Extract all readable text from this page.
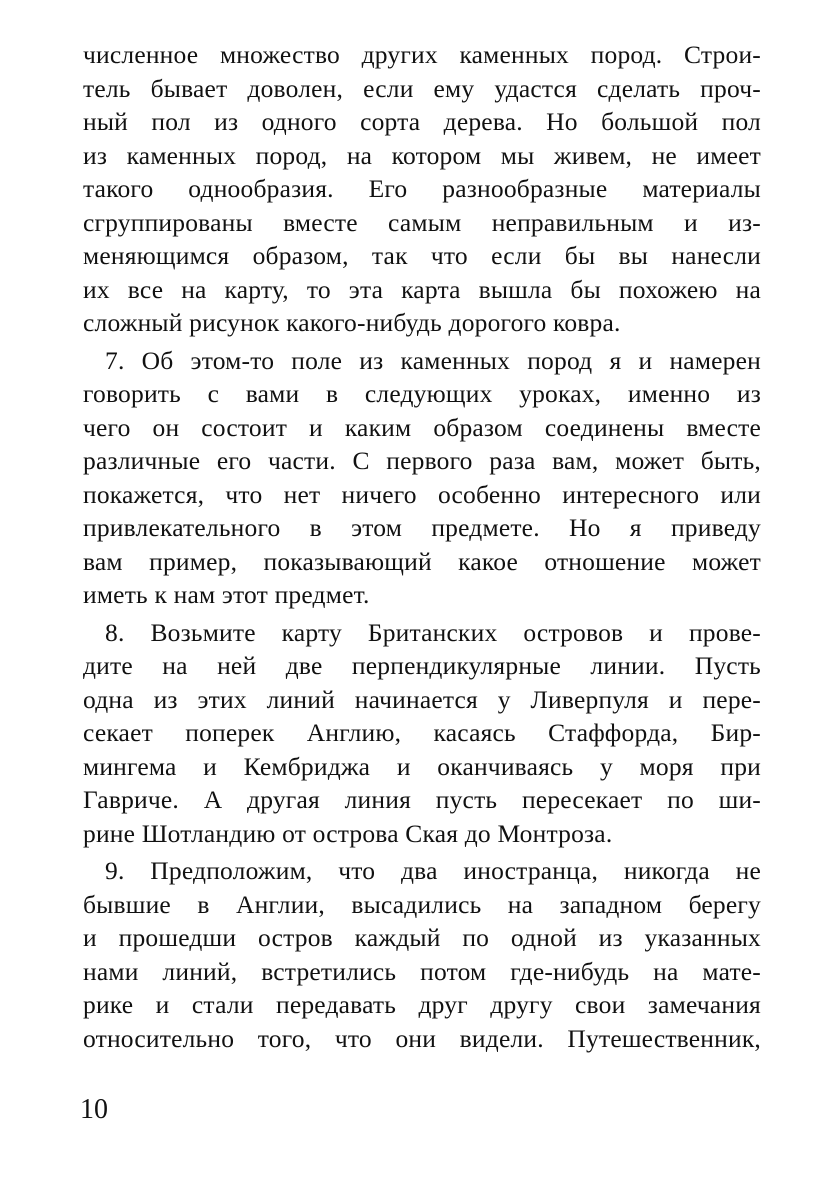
численное множество других каменных пород. Строи-
тель бывает доволен, если ему удастся сделать проч-
ный пол из одного сорта дерева. Но большой пол
из каменных пород, на котором мы живем, не имеет
такого однообразия. Его разнообразные материалы
сгруппированы вместе самым неправильным и из-
меняющимся образом, так что если бы вы нанесли
их все на карту, то эта карта вышла бы похожею на
сложный рисунок какого-нибудь дорогого ковра.
7. Об этом-то поле из каменных пород я и намерен
говорить с вами в следующих уроках, именно из
чего он состоит и каким образом соединены вместе
различные его части. С первого раза вам, может быть,
покажется, что нет ничего особенно интересного или
привлекательного в этом предмете. Но я приведу
вам пример, показывающий какое отношение может
иметь к нам этот предмет.
8. Возьмите карту Британских островов и прове-
дите на ней две перпендикулярные линии. Пусть
одна из этих линий начинается у Ливерпуля и пере-
секает поперек Англию, касаясь Стаффорда, Бир-
мингема и Кембриджа и оканчиваясь у моря при
Гавриче. А другая линия пусть пересекает по ши-
рине Шотландию от острова Ская до Монтроза.
9. Предположим, что два иностранца, никогда не
бывшие в Англии, высадились на западном берегу
и прошедши остров каждый по одной из указанных
нами линий, встретились потом где-нибудь на мате-
рике и стали передавать друг другу свои замечания
относительно того, что они видели. Путешественник,
10
